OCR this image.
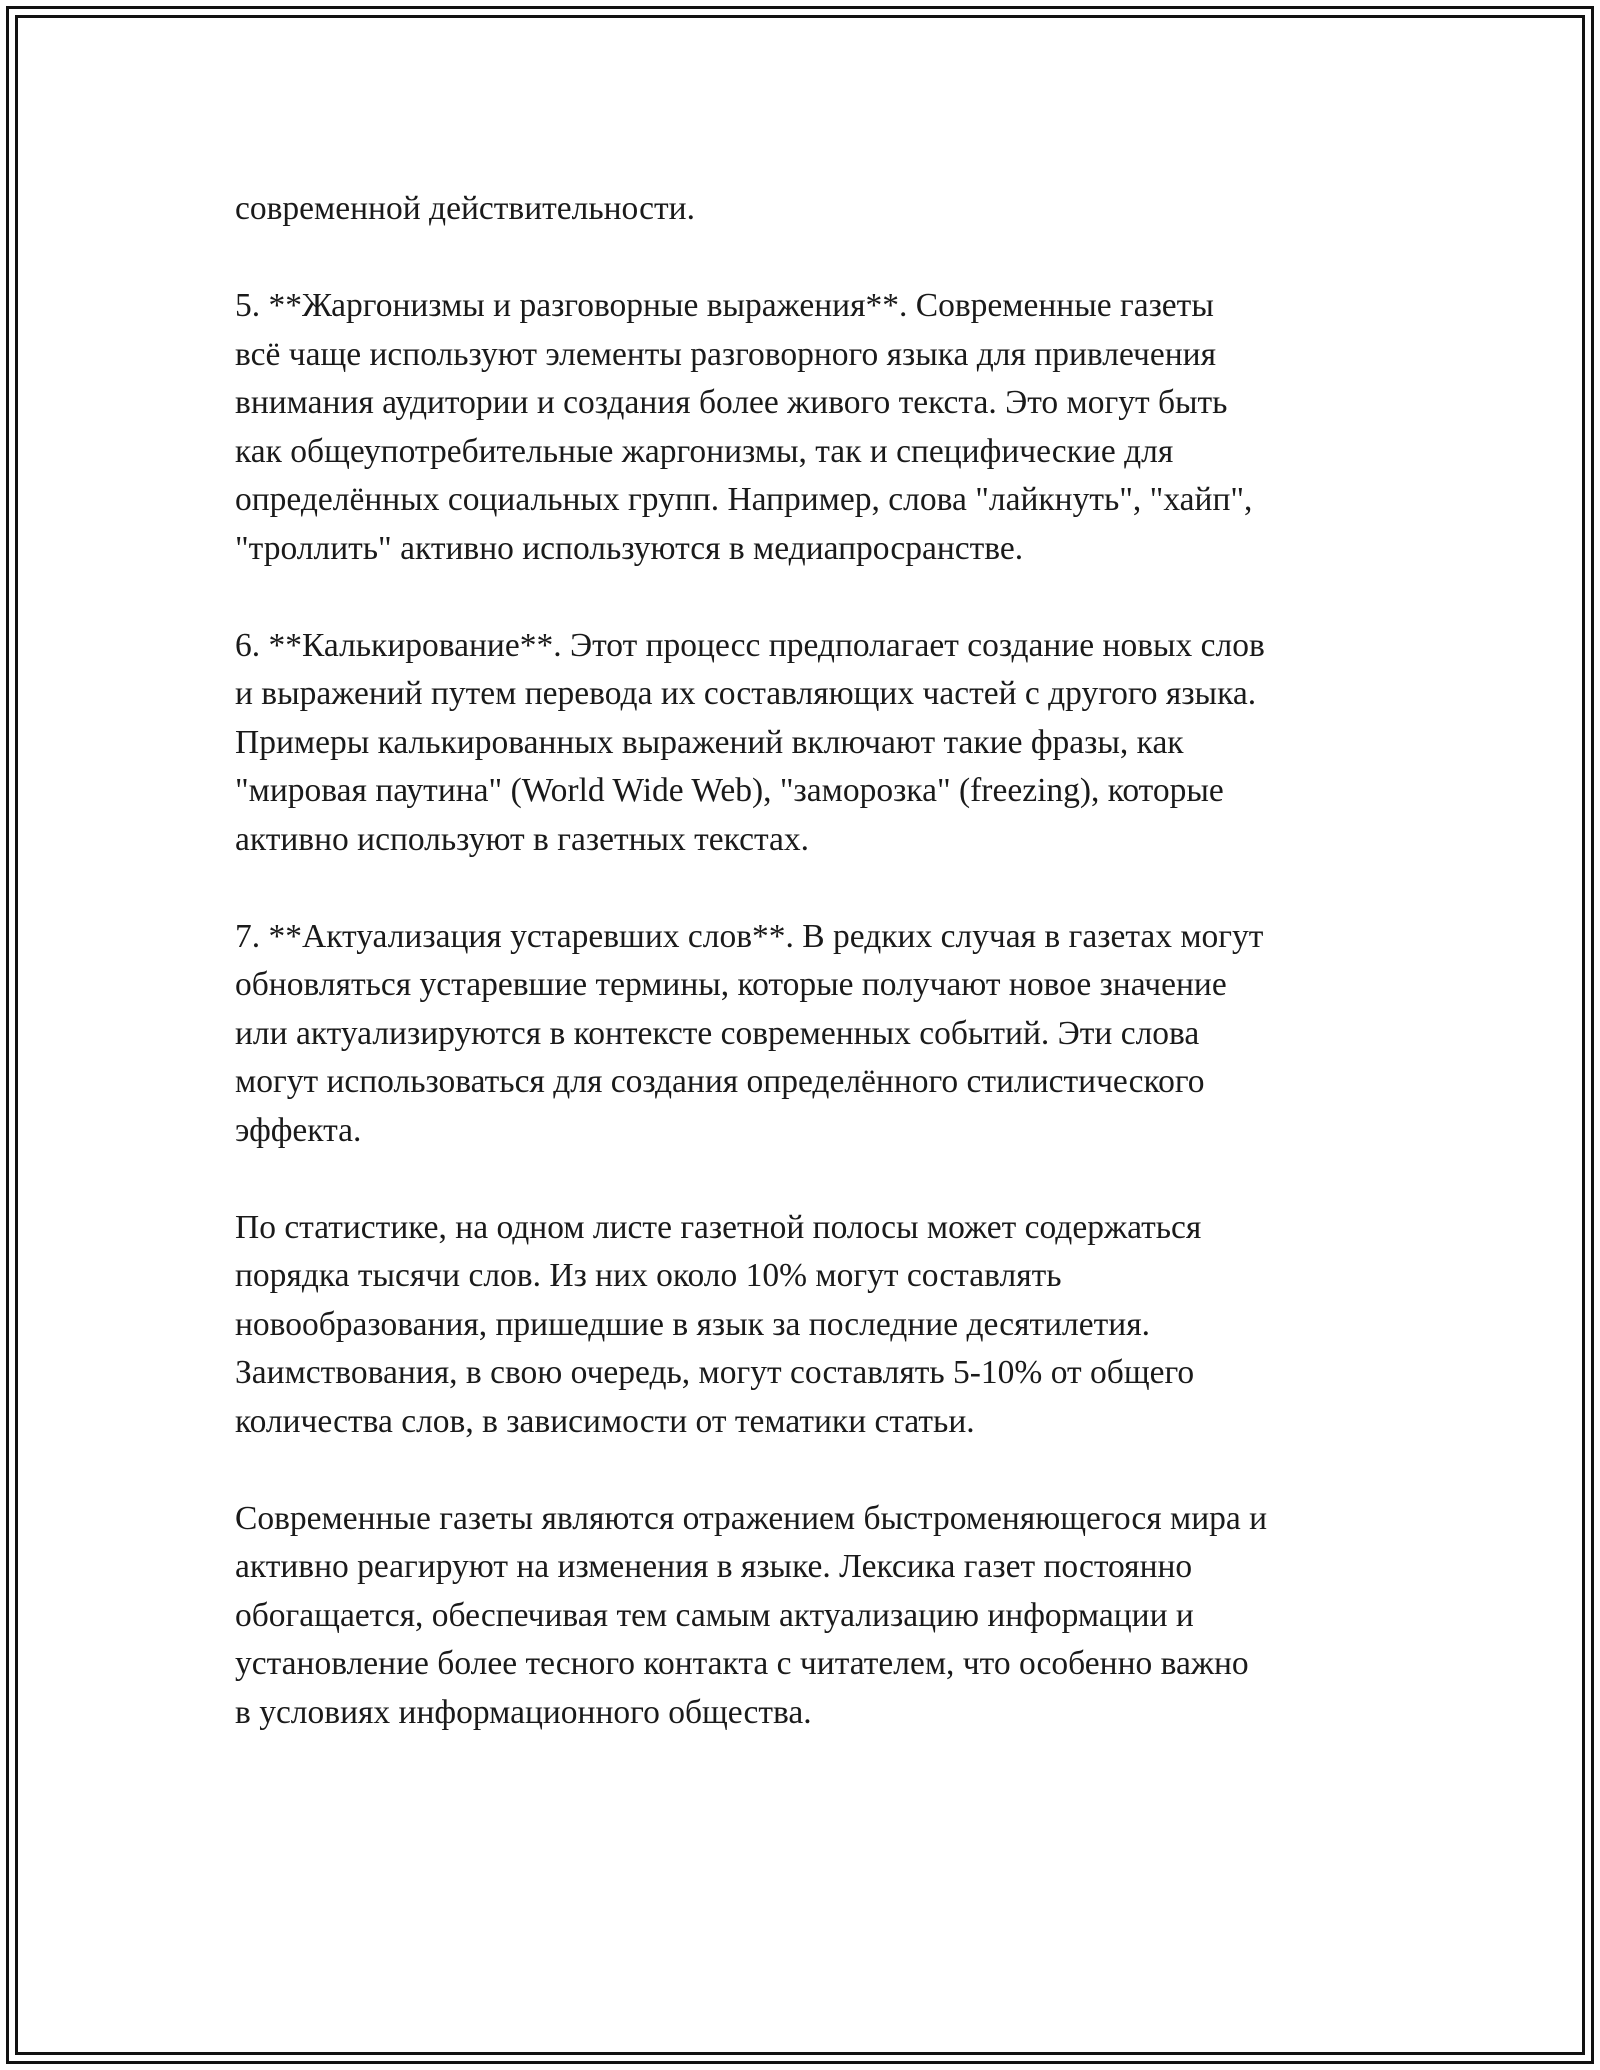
современной действительности.
5. **Жаргонизмы и разговорные выражения**. Современные газеты
всё чаще используют элементы разговорного языка для привлечения
внимания аудитории и создания более живого текста. Это могут быть
как общеупотребительные жаргонизмы, так и специфические для
определённых социальных групп. Например, слова "лайкнуть", "хайп",
"троллить" активно используются в медиапросранстве.
6. **Калькирование**. Этот процесс предполагает создание новых слов
и выражений путем перевода их составляющих частей с другого языка.
Примеры калькированных выражений включают такие фразы, как
"мировая паутина" (World Wide Web), "заморозка" (freezing), которые
активно используют в газетных текстах.
7. **Актуализация устаревших слов**. В редких случая в газетах могут
обновляться устаревшие термины, которые получают новое значение
или актуализируются в контексте современных событий. Эти слова
могут использоваться для создания определённого стилистического
эффекта.
По статистике, на одном листе газетной полосы может содержаться
порядка тысячи слов. Из них около 10% могут составлять
новообразования, пришедшие в язык за последние десятилетия.
Заимствования, в свою очередь, могут составлять 5-10% от общего
количества слов, в зависимости от тематики статьи.
Современные газеты являются отражением быстроменяющегося мира и
активно реагируют на изменения в языке. Лексика газет постоянно
обогащается, обеспечивая тем самым актуализацию информации и
установление более тесного контакта с читателем, что особенно важно
в условиях информационного общества.
